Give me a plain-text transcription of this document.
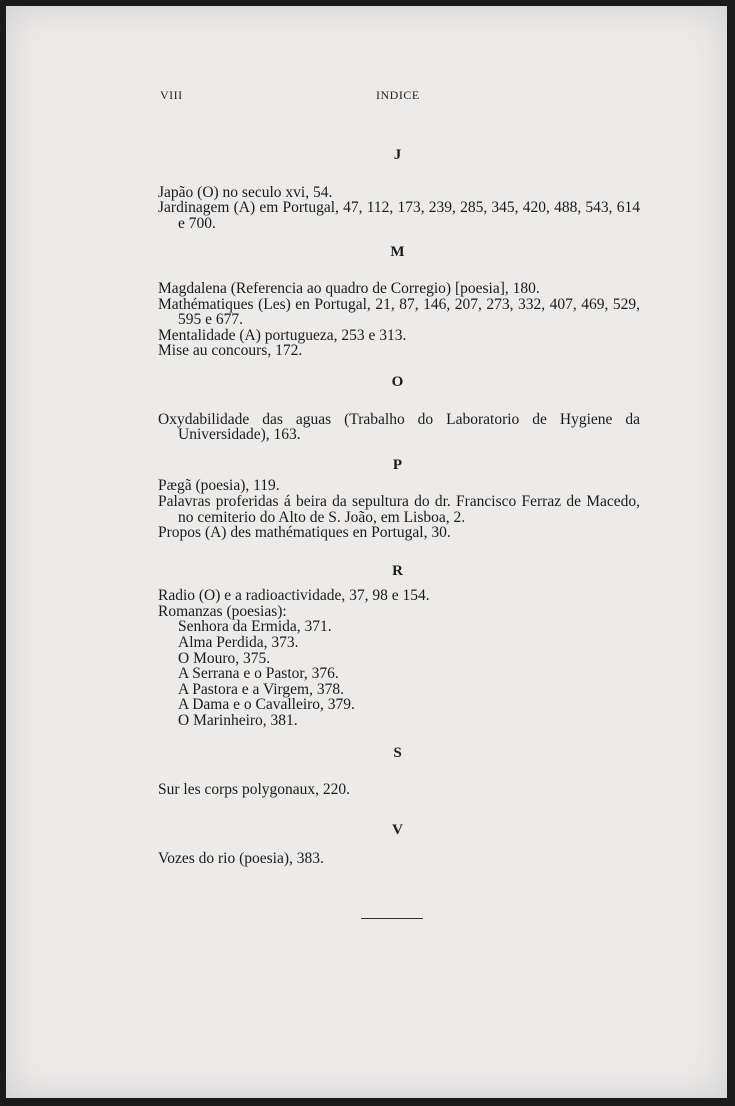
VIII	INDICE
J
Japão (O) no seculo xvi, 54.
Jardinagem (A) em Portugal, 47, 112, 173, 239, 285, 345, 420, 488, 543, 614 e 700.
M
Magdalena (Referencia ao quadro de Corregio) [poesia], 180.
Mathématiques (Les) en Portugal, 21, 87, 146, 207, 273, 332, 407, 469, 529, 595 e 677.
Mentalidade (A) portugueza, 253 e 313.
Mise au concours, 172.
O
Oxydabilidade das aguas (Trabalho do Laboratorio de Hygiene da Universidade), 163.
P
Pægã (poesia), 119.
Palavras proferidas á beira da sepultura do dr. Francisco Ferraz de Macedo, no cemiterio do Alto de S. João, em Lisboa, 2.
Propos (A) des mathématiques en Portugal, 30.
R
Radio (O) e a radioactividade, 37, 98 e 154.
Romanzas (poesias):
Senhora da Ermida, 371.
Alma Perdida, 373.
O Mouro, 375.
A Serrana e o Pastor, 376.
A Pastora e a Virgem, 378.
A Dama e o Cavalleiro, 379.
O Marinheiro, 381.
S
Sur les corps polygonaux, 220.
V
Vozes do rio (poesia), 383.
